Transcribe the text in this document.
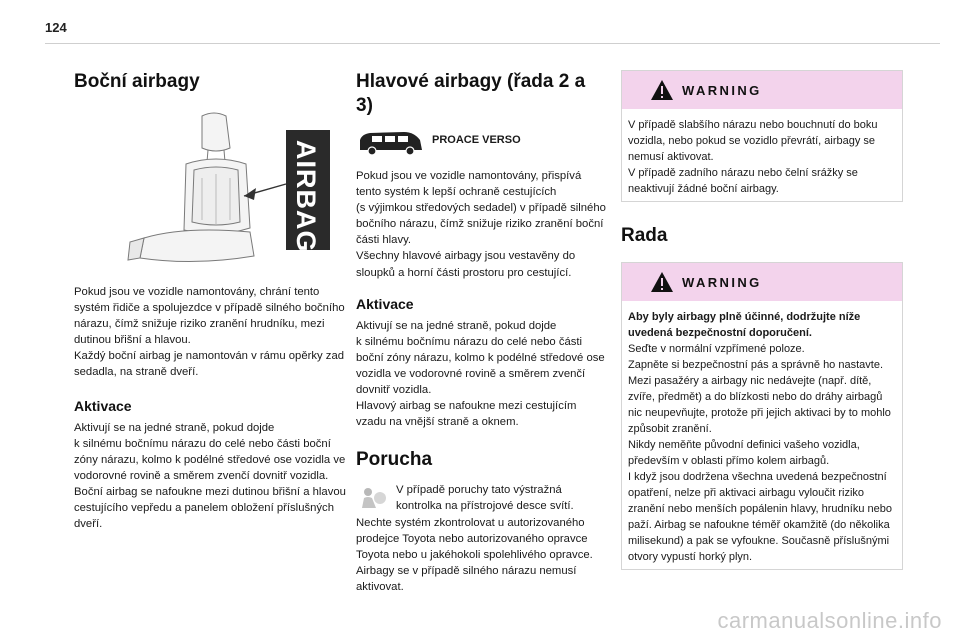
124
Boční airbagy
AIRBAG

Pokud jsou ve vozidle namontovány, chrání tento systém řidiče a spolujezdce v případě silného bočního nárazu, čímž snižuje riziko zranění hrudníku, mezi dutinou břišní a hlavou.
Každý boční airbag je namontován v rámu opěrky zad sedadla, na straně dveří.

Aktivace

Aktivují se na jedné straně, pokud dojde
k silnému bočnímu nárazu do celé nebo části boční zóny nárazu, kolmo k podélné středové ose vozidla ve vodorovné rovině a směrem zvenčí dovnitř vozidla.
Boční airbag se nafoukne mezi dutinou břišní a hlavou cestujícího vepředu a panelem obložení příslušných dveří.

Hlavové airbagy (řada 2 a 3)
PROACE VERSO

Pokud jsou ve vozidle namontovány, přispívá tento systém k lepší ochraně cestujících
(s výjimkou středových sedadel) v případě silného bočního nárazu, čímž snižuje riziko zranění boční části hlavy.
Všechny hlavové airbagy jsou vestavěny do sloupků a horní části prostoru pro cestující.

Aktivace

Aktivují se na jedné straně, pokud dojde
k silnému bočnímu nárazu do celé nebo části boční zóny nárazu, kolmo k podélné středové ose vozidla ve vodorovné rovině a směrem zvenčí dovnitř vozidla.
Hlavový airbag se nafoukne mezi cestujícím vzadu na vnější straně a oknem.

Porucha

V případě poruchy tato výstražná kontrolka na přístrojové desce svítí.

Nechte systém zkontrolovat u autorizovaného prodejce Toyota nebo autorizovaného opravce Toyota nebo u jakéhokoli spolehlivého opravce.
Airbagy se v případě silného nárazu nemusí aktivovat.

WARNING

V případě slabšího nárazu nebo bouchnutí do boku vozidla, nebo pokud se vozidlo převrátí, airbagy se nemusí aktivovat.
V případě zadního nárazu nebo čelní srážky se neaktivují žádné boční airbagy.

Rada
WARNING

Aby byly airbagy plně účinné, dodržujte níže uvedená bezpečnostní doporučení.

Seďte v normální vzpřímené poloze.
Zapněte si bezpečnostní pás a správně ho nastavte.
Mezi pasažéry a airbagy nic nedávejte (např. dítě, zvíře, předmět) a do blízkosti nebo do dráhy airbagů nic neupevňujte, protože při jejich aktivaci by to mohlo způsobit zranění.
Nikdy neměňte původní definici vašeho vozidla, především v oblasti přímo kolem airbagů.
I když jsou dodržena všechna uvedená bezpečnostní opatření, nelze při aktivaci airbagu vyloučit riziko zranění nebo menších popálenin hlavy, hrudníku nebo paží. Airbag se nafoukne téměř okamžitě (do několika milisekund) a pak se vyfoukne. Současně příslušnými otvory vypustí horký plyn.

carmanualsonline.info
